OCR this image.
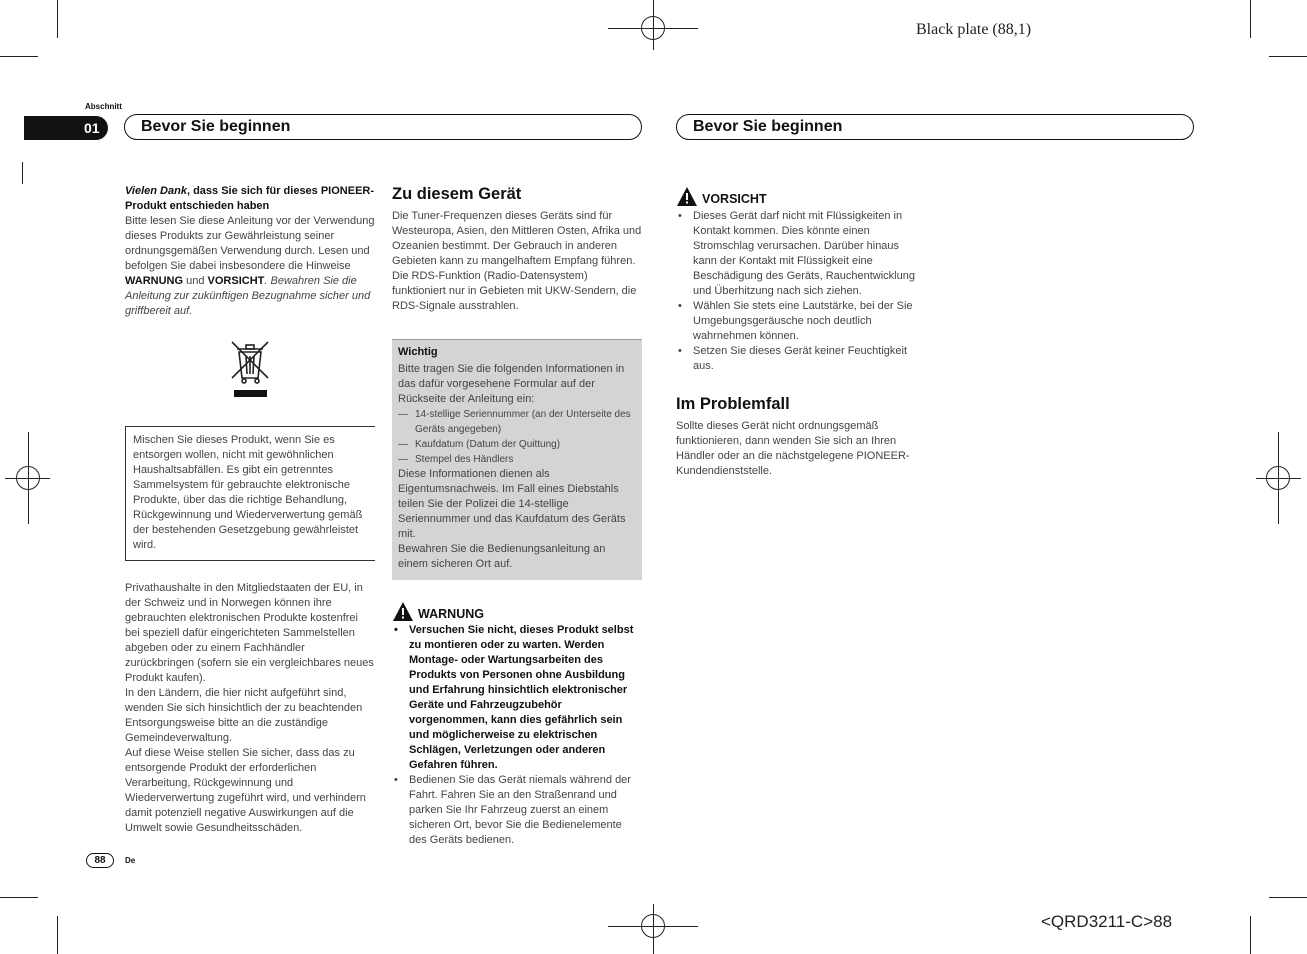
Black plate (88,1)
<QRD3211-C>88
Abschnitt
01	Bevor Sie beginnen	Bevor Sie beginnen

Vielen Dank, dass Sie sich für dieses PIONEER-Produkt entschieden haben

Bitte lesen Sie diese Anleitung vor der Verwendung dieses Produkts zur Gewährleistung seiner ordnungsgemäßen Verwendung durch. Lesen und befolgen Sie dabei insbesondere die Hinweise WARNUNG und VORSICHT. Bewahren Sie die Anleitung zur zukünftigen Bezugnahme sicher und griffbereit auf.

Mischen Sie dieses Produkt, wenn Sie es entsorgen wollen, nicht mit gewöhnlichen Haushaltsabfällen. Es gibt ein getrenntes Sammelsystem für gebrauchte elektronische Produkte, über das die richtige Behandlung, Rückgewinnung und Wiederverwertung gemäß der bestehenden Gesetzgebung gewährleistet wird.

Privathaushalte in den Mitgliedstaaten der EU, in der Schweiz und in Norwegen können ihre gebrauchten elektronischen Produkte kostenfrei bei speziell dafür eingerichteten Sammelstellen abgeben oder zu einem Fachhändler zurückbringen (sofern sie ein vergleichbares neues Produkt kaufen).

In den Ländern, die hier nicht aufgeführt sind, wenden Sie sich hinsichtlich der zu beachtenden Entsorgungsweise bitte an die zuständige Gemeindeverwaltung.

Auf diese Weise stellen Sie sicher, dass das zu entsorgende Produkt der erforderlichen Verarbeitung, Rückgewinnung und Wiederverwertung zugeführt wird, und verhindern damit potenziell negative Auswirkungen auf die Umwelt sowie Gesundheitsschäden.

Zu diesem Gerät

Die Tuner-Frequenzen dieses Geräts sind für Westeuropa, Asien, den Mittleren Osten, Afrika und Ozeanien bestimmt. Der Gebrauch in anderen Gebieten kann zu mangelhaftem Empfang führen. Die RDS-Funktion (Radio-Datensystem) funktioniert nur in Gebieten mit UKW-Sendern, die RDS-Signale ausstrahlen.

Wichtig

Bitte tragen Sie die folgenden Informationen in das dafür vorgesehene Formular auf der Rückseite der Anleitung ein:

— 14-stellige Seriennummer (an der Unterseite des Geräts angegeben)
— Kaufdatum (Datum der Quittung)
— Stempel des Händlers

Diese Informationen dienen als Eigentumsnachweis. Im Fall eines Diebstahls teilen Sie der Polizei die 14-stellige Seriennummer und das Kaufdatum des Geräts mit.

Bewahren Sie die Bedienungsanleitung an einem sicheren Ort auf.

WARNUNG
•	Versuchen Sie nicht, dieses Produkt selbst zu montieren oder zu warten. Werden Montage- oder Wartungsarbeiten des Produkts von Personen ohne Ausbildung und Erfahrung hinsichtlich elektronischer Geräte und Fahrzeugzubehör vorgenommen, kann dies gefährlich sein und möglicherweise zu elektrischen Schlägen, Verletzungen oder anderen Gefahren führen.
•	Bedienen Sie das Gerät niemals während der Fahrt. Fahren Sie an den Straßenrand und parken Sie Ihr Fahrzeug zuerst an einem sicheren Ort, bevor Sie die Bedienelemente des Geräts bedienen.
VORSICHT
•	Dieses Gerät darf nicht mit Flüssigkeiten in Kontakt kommen. Dies könnte einen Stromschlag verursachen. Darüber hinaus kann der Kontakt mit Flüssigkeit eine Beschädigung des Geräts, Rauchentwicklung und Überhitzung nach sich ziehen.
•	Wählen Sie stets eine Lautstärke, bei der Sie Umgebungsgeräusche noch deutlich wahrnehmen können.
•	Setzen Sie dieses Gerät keiner Feuchtigkeit aus.
Im Problemfall

Sollte dieses Gerät nicht ordnungsgemäß funktionieren, dann wenden Sie sich an Ihren Händler oder an die nächstgelegene PIONEER-Kundendienststelle.

88	De
